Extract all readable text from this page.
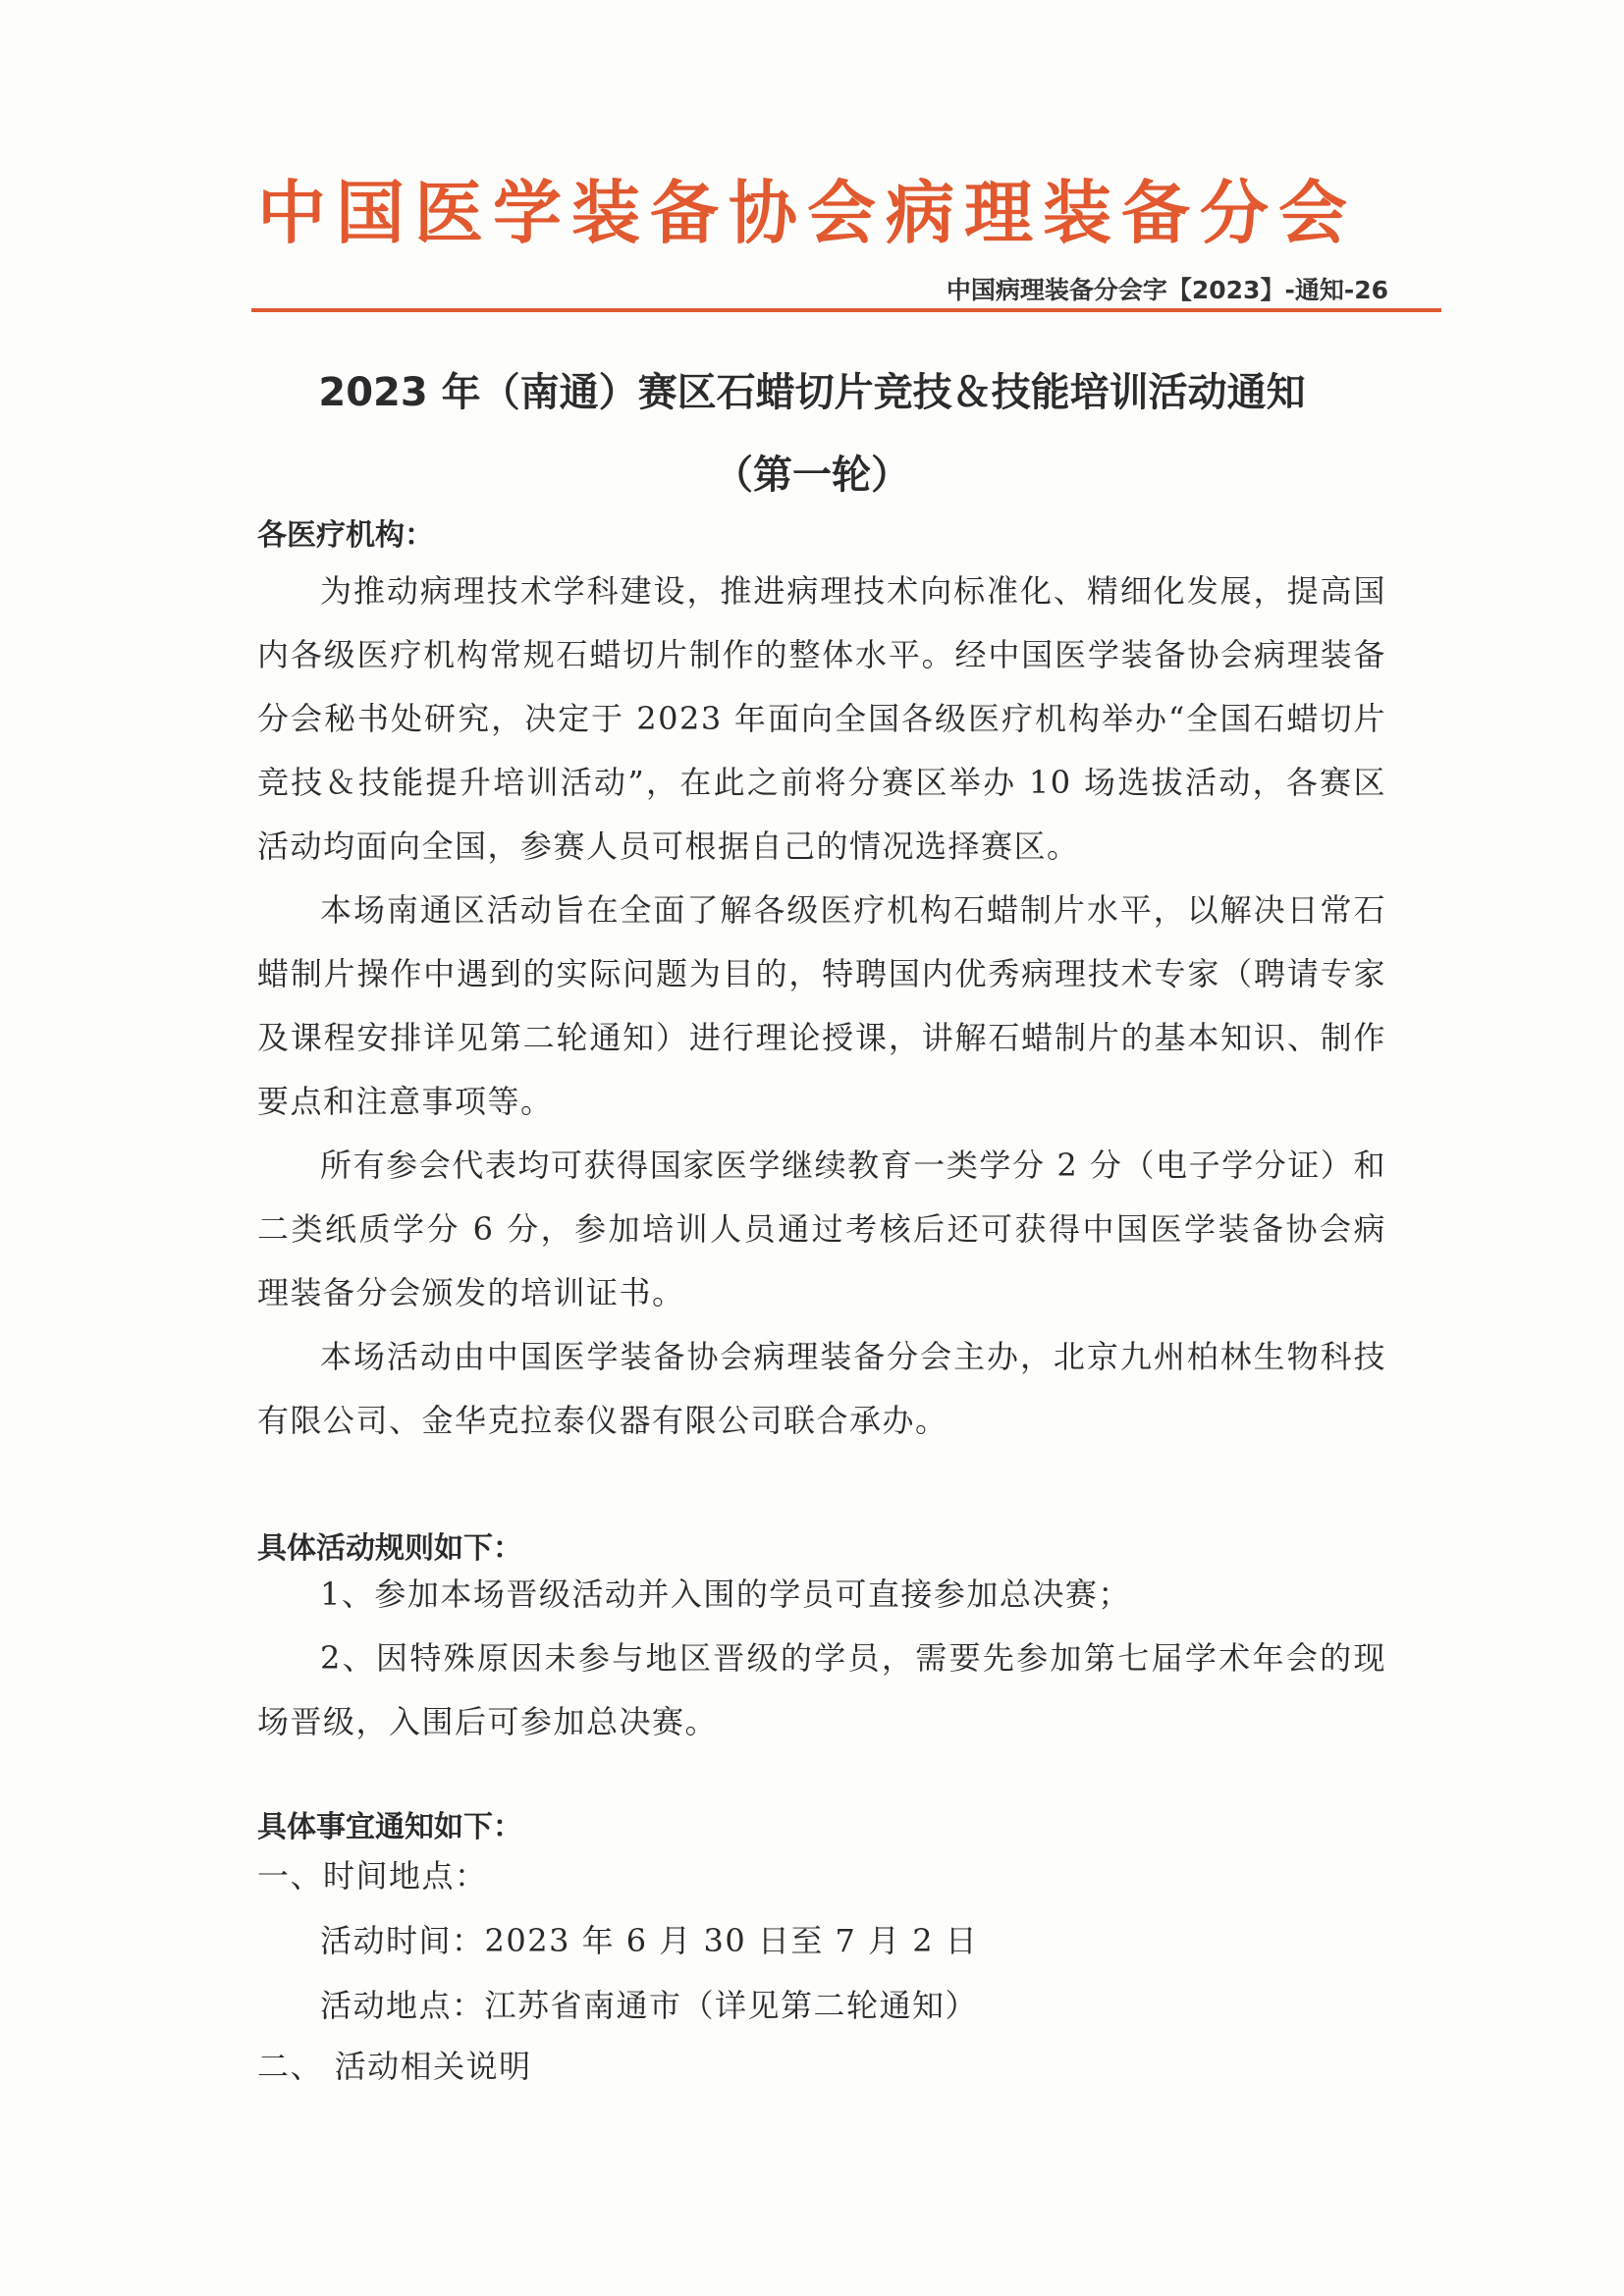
中国医学装备协会病理装备分会
中国病理装备分会字【2023】-通知-26
2023 年（南通）赛区石蜡切片竞技＆技能培训活动通知
（第一轮）
各医疗机构：

为推动病理技术学科建设，推进病理技术向标准化、精细化发展，提高国内各级医疗机构常规石蜡切片制作的整体水平。经中国医学装备协会病理装备分会秘书处研究，决定于 2023 年面向全国各级医疗机构举办“全国石蜡切片竞技＆技能提升培训活动”，在此之前将分赛区举办 10 场选拔活动，各赛区活动均面向全国，参赛人员可根据自己的情况选择赛区。

本场南通区活动旨在全面了解各级医疗机构石蜡制片水平，以解决日常石蜡制片操作中遇到的实际问题为目的，特聘国内优秀病理技术专家（聘请专家及课程安排详见第二轮通知）进行理论授课，讲解石蜡制片的基本知识、制作要点和注意事项等。

所有参会代表均可获得国家医学继续教育一类学分 2 分（电子学分证）和二类纸质学分 6 分，参加培训人员通过考核后还可获得中国医学装备协会病理装备分会颁发的培训证书。

本场活动由中国医学装备协会病理装备分会主办，北京九州柏林生物科技有限公司、金华克拉泰仪器有限公司联合承办。

具体活动规则如下：

1、参加本场晋级活动并入围的学员可直接参加总决赛；

2、因特殊原因未参与地区晋级的学员，需要先参加第七届学术年会的现场晋级，入围后可参加总决赛。

具体事宜通知如下：
一、时间地点：
活动时间：2023 年 6 月 30 日至 7 月 2 日
活动地点：江苏省南通市（详见第二轮通知）
二、 活动相关说明
